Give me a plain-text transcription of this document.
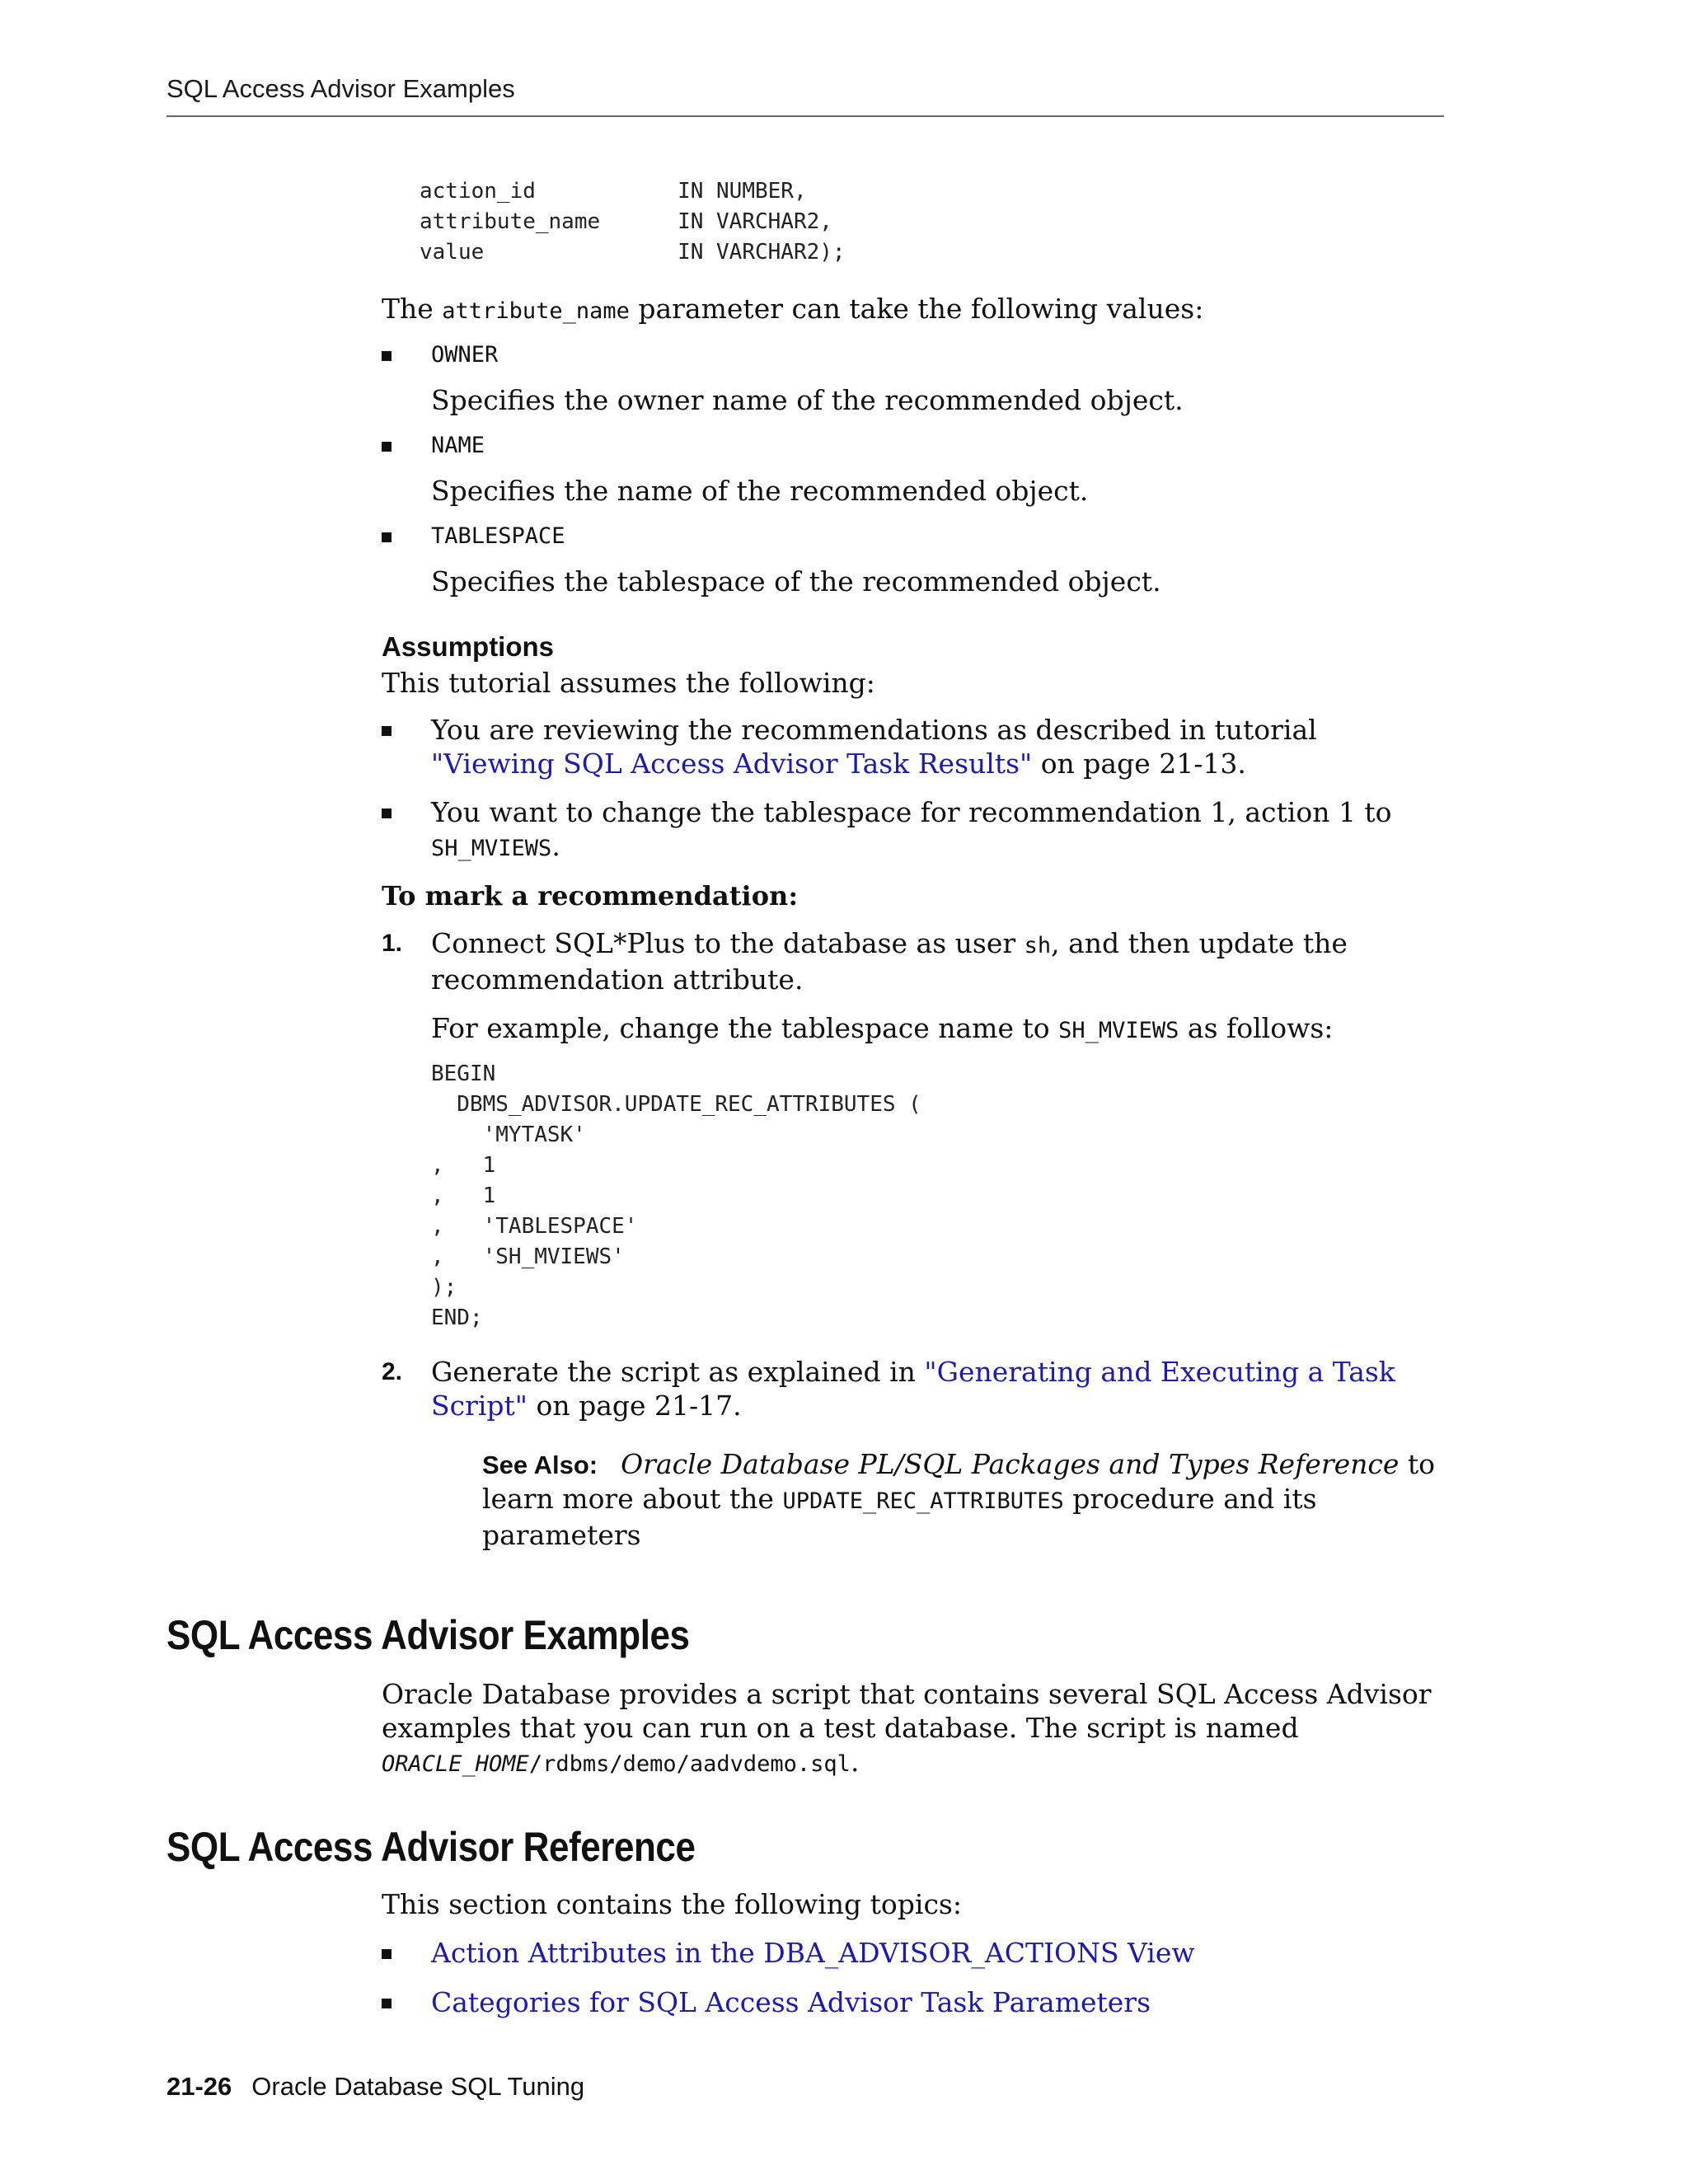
SQL Access Advisor Examples
action_id           IN NUMBER,
attribute_name      IN VARCHAR2,
value               IN VARCHAR2);

The attribute_name parameter can take the following values:

OWNER

Specifies the owner name of the recommended object.

NAME

Specifies the name of the recommended object.

TABLESPACE

Specifies the tablespace of the recommended object.

Assumptions

This tutorial assumes the following:

You are reviewing the recommendations as described in tutorial "Viewing SQL Access Advisor Task Results" on page 21-13.
You want to change the tablespace for recommendation 1, action 1 to SH_MVIEWS.
To mark a recommendation:
1. Connect SQL*Plus to the database as user sh, and then update the recommendation attribute.

For example, change the tablespace name to SH_MVIEWS as follows:

BEGIN
DBMS_ADVISOR.UPDATE_REC_ATTRIBUTES (
'MYTASK'
,   1
,   1
,   'TABLESPACE'
,   'SH_MVIEWS'
);
END;
2. Generate the script as explained in "Generating and Executing a Task Script" on page 21-17.

See Also: Oracle Database PL/SQL Packages and Types Reference to learn more about the UPDATE_REC_ATTRIBUTES procedure and its parameters
SQL Access Advisor Examples

Oracle Database provides a script that contains several SQL Access Advisor examples that you can run on a test database. The script is named ORACLE_HOME/rdbms/demo/aadvdemo.sql.

SQL Access Advisor Reference

This section contains the following topics:

Action Attributes in the DBA_ADVISOR_ACTIONS View
Categories for SQL Access Advisor Task Parameters
21-26 Oracle Database SQL Tuning
